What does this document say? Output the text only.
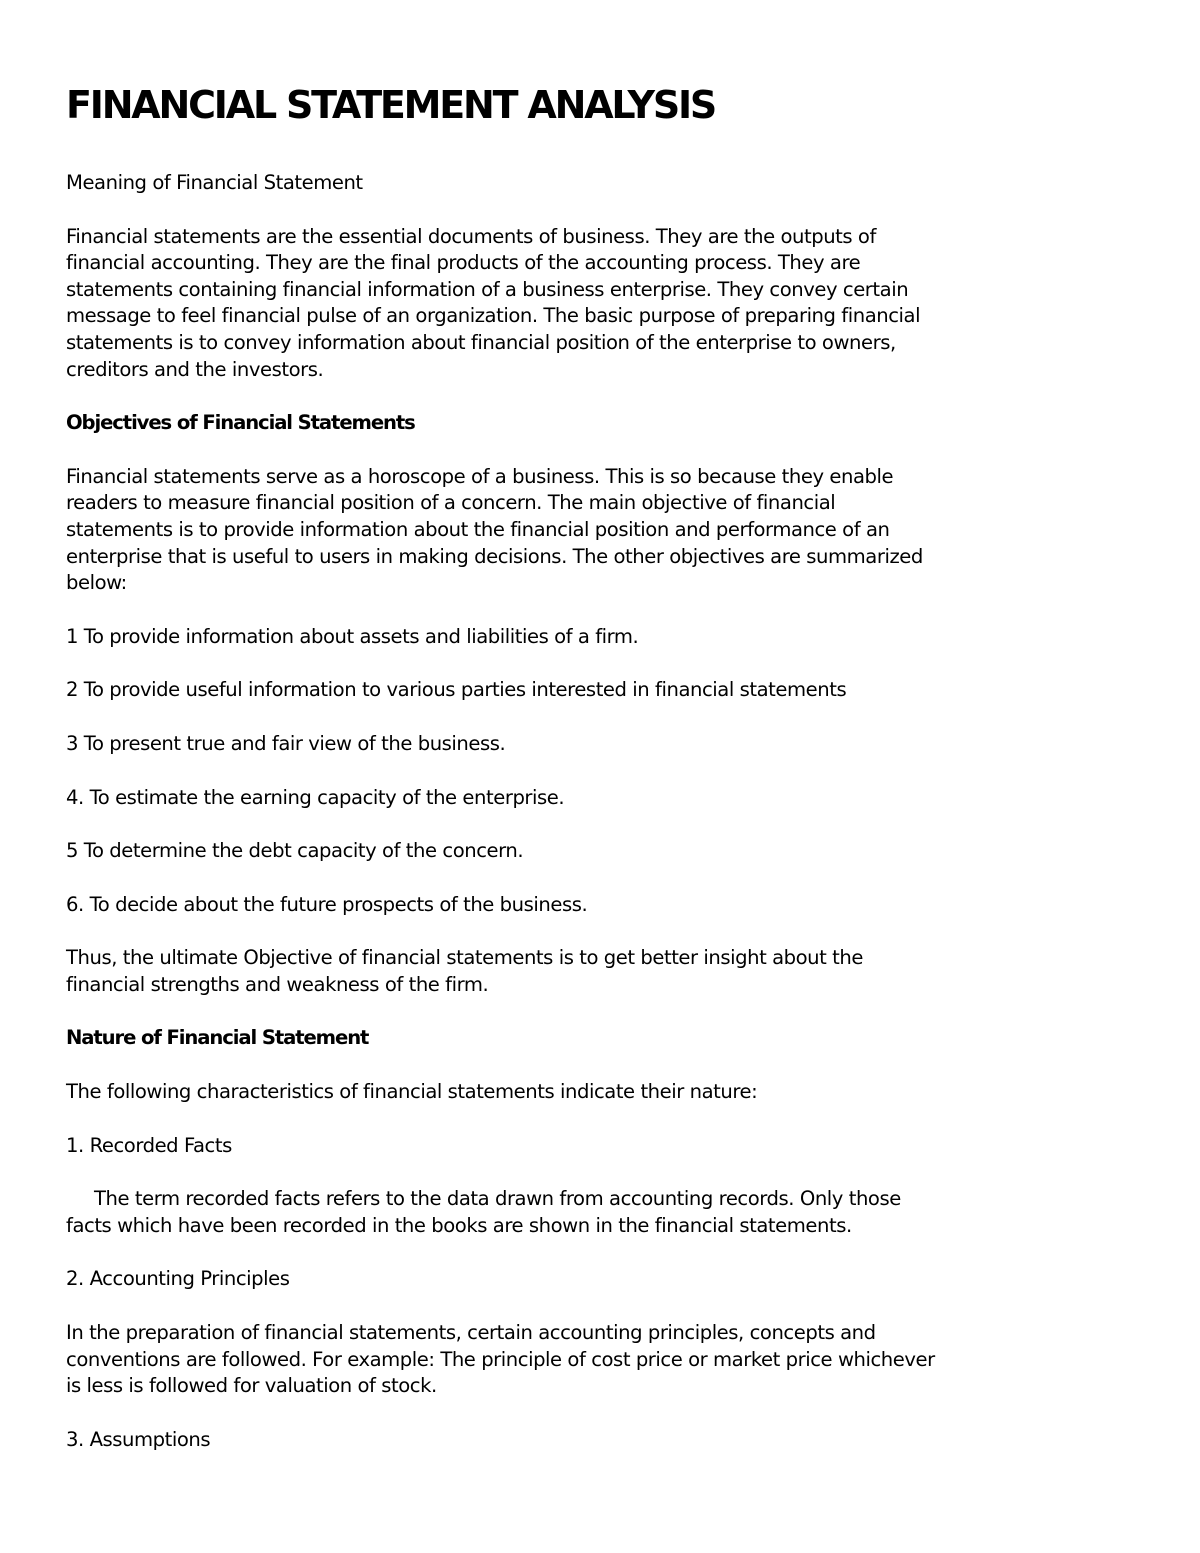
FINANCIAL STATEMENT ANALYSIS

Meaning of Financial Statement

Financial statements are the essential documents of business. They are the outputs of
financial accounting. They are the final products of the accounting process. They are
statements containing financial information of a business enterprise. They convey certain
message to feel financial pulse of an organization. The basic purpose of preparing financial
statements is to convey information about financial position of the enterprise to owners,
creditors and the investors.

Objectives of Financial Statements

Financial statements serve as a horoscope of a business. This is so because they enable
readers to measure financial position of a concern. The main objective of financial
statements is to provide information about the financial position and performance of an
enterprise that is useful to users in making decisions. The other objectives are summarized
below:

1 To provide information about assets and liabilities of a firm.

2 To provide useful information to various parties interested in financial statements

3 To present true and fair view of the business.

4. To estimate the earning capacity of the enterprise.

5 To determine the debt capacity of the concern.

6. To decide about the future prospects of the business.

Thus, the ultimate Objective of financial statements is to get better insight about the
financial strengths and weakness of the firm.

Nature of Financial Statement

The following characteristics of financial statements indicate their nature:

1. Recorded Facts

The term recorded facts refers to the data drawn from accounting records. Only those
facts which have been recorded in the books are shown in the financial statements.

2. Accounting Principles

In the preparation of financial statements, certain accounting principles, concepts and
conventions are followed. For example: The principle of cost price or market price whichever
is less is followed for valuation of stock.

3. Assumptions
